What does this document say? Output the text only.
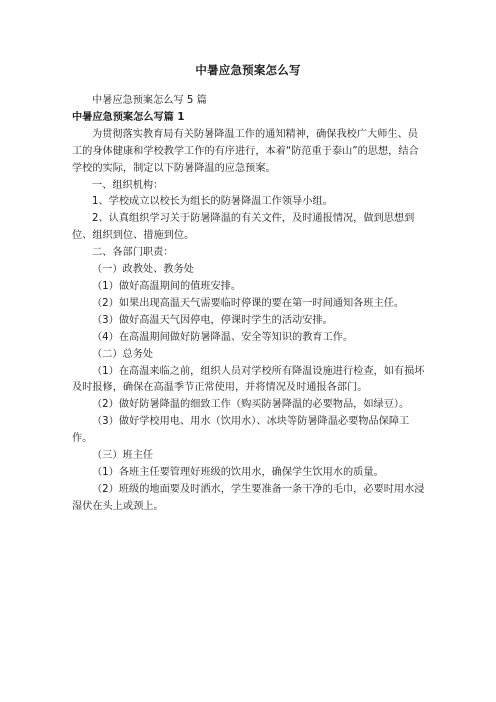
中暑应急预案怎么写

中暑应急预案怎么写 5 篇

中暑应急预案怎么写篇 1

为贯彻落实教育局有关防暑降温工作的通知精神，确保我校广大师生、员工的身体健康和学校教学工作的有序进行，本着“防范重于泰山”的思想，结合学校的实际，制定以下防暑降温的应急预案。

一、组织机构：

1、学校成立以校长为组长的防暑降温工作领导小组。

2、认真组织学习关于防暑降温的有关文件，及时通报情况，做到思想到位、组织到位、措施到位。

二、各部门职责：

（一）政教处、教务处

（1）做好高温期间的值班安排。

（2）如果出现高温天气需要临时停课的要在第一时间通知各班主任。

（3）做好高温天气因停电，停课时学生的活动安排。

（4）在高温期间做好防暑降温、安全等知识的教育工作。

（二）总务处

（1）在高温来临之前，组织人员对学校所有降温设施进行检查，如有损坏及时报修，确保在高温季节正常使用，并将情况及时通报各部门。

（2）做好防暑降温的细致工作（购买防暑降温的必要物品，如绿豆）。

（3）做好学校用电、用水（饮用水）、冰块等防暑降温必要物品保障工作。

（三）班主任

（1）各班主任要管理好班级的饮用水，确保学生饮用水的质量。

（2）班级的地面要及时洒水，学生要准备一条干净的毛巾，必要时用水浸湿伏在头上或颈上。
